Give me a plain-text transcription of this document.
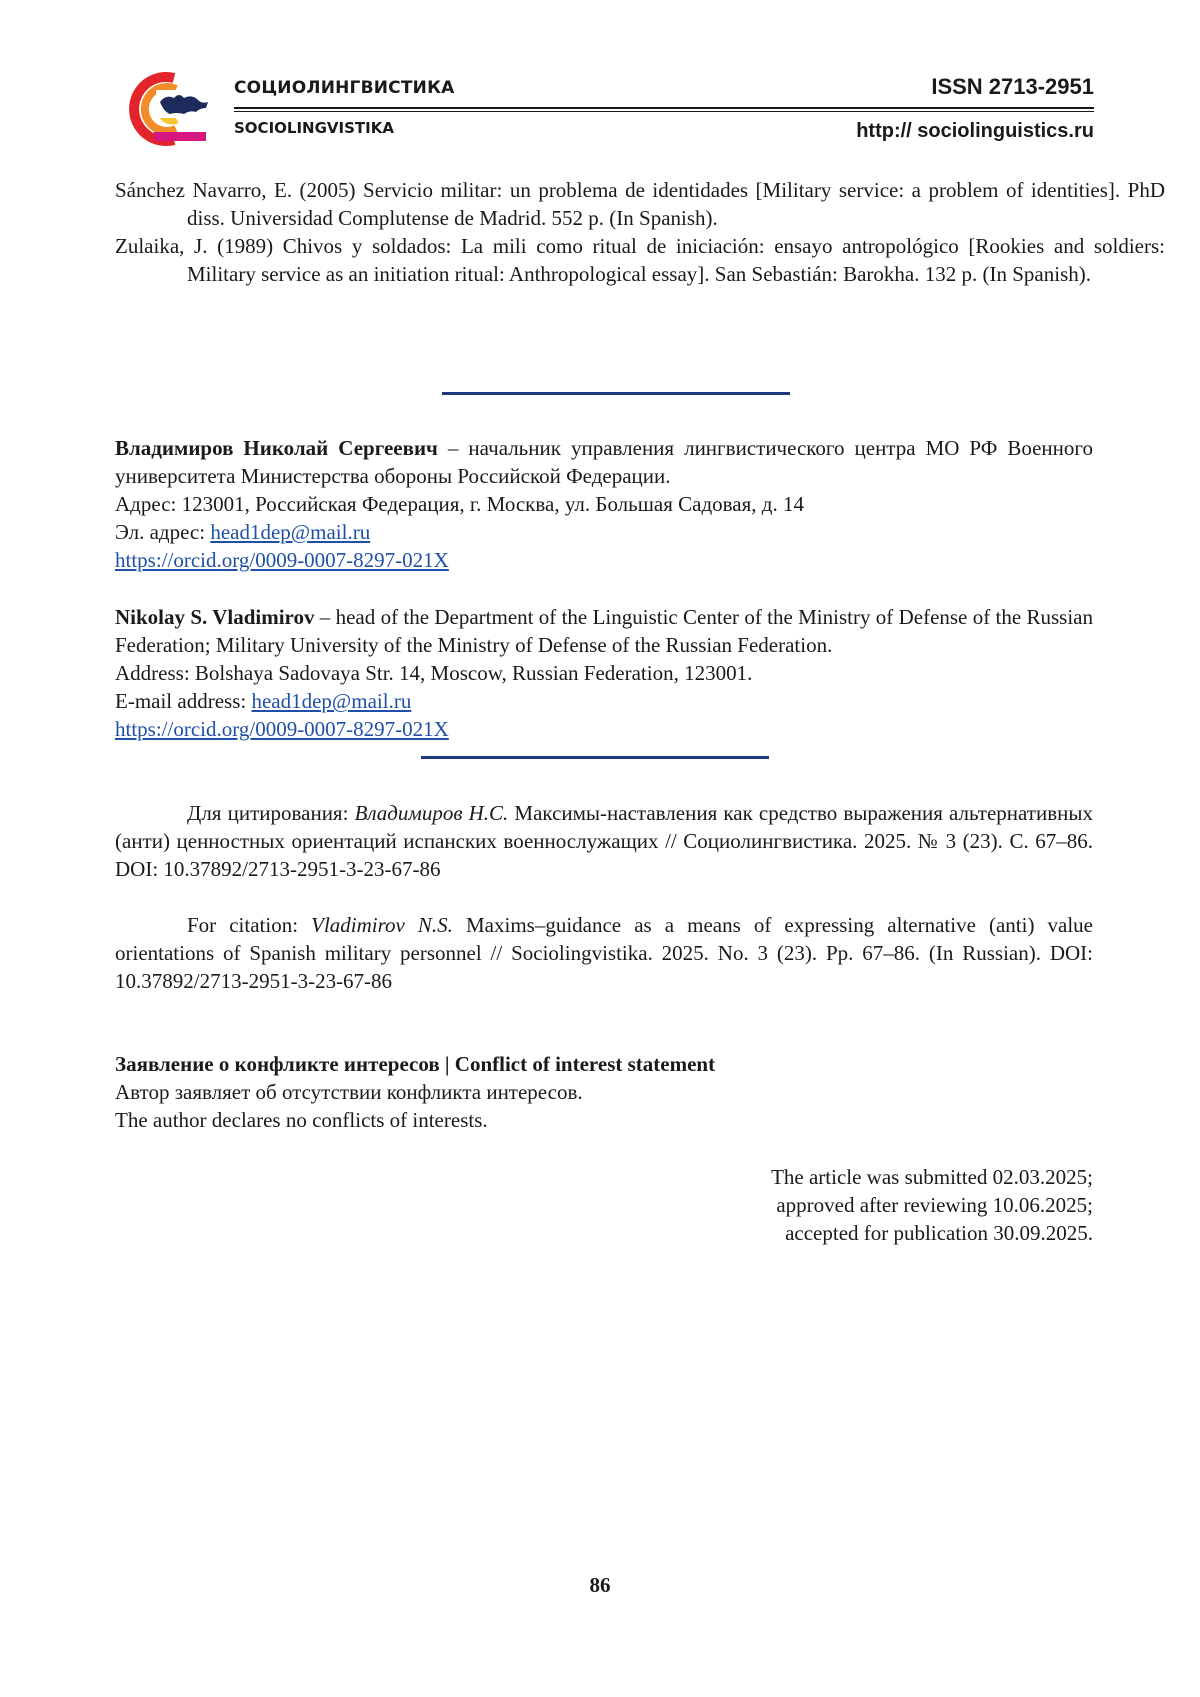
СОЦИОЛИНГВИСТИКА
SOCIOLINGVISTIKA
ISSN 2713-2951
http:// sociolinguistics.ru
Sánchez Navarro, E. (2005) Servicio militar: un problema de identidades [Military service: a problem of identities]. PhD diss. Universidad Complutense de Madrid. 552 p. (In Spanish).
Zulaika, J. (1989) Chivos y soldados: La mili como ritual de iniciación: ensayo antropológico [Rookies and soldiers: Military service as an initiation ritual: Anthropological essay]. San Sebastián: Barokha. 132 p. (In Spanish).
Владимиров Николай Сергеевич – начальник управления лингвистического центра МО РФ Военного университета Министерства обороны Российской Федерации.
Адрес: 123001, Российская Федерация, г. Москва, ул. Большая Садовая, д. 14
Эл. адрес: head1dep@mail.ru
https://orcid.org/0009-0007-8297-021X
Nikolay S. Vladimirov – head of the Department of the Linguistic Center of the Ministry of Defense of the Russian Federation; Military University of the Ministry of Defense of the Russian Federation.
Address: Bolshaya Sadovaya Str. 14, Moscow, Russian Federation, 123001.
E-mail address: head1dep@mail.ru
https://orcid.org/0009-0007-8297-021X
Для цитирования: Владимиров Н.С. Максимы-наставления как средство выражения альтернативных (анти) ценностных ориентаций испанских военнослужащих // Социолингвистика. 2025. № 3 (23). С. 67–86. DOI: 10.37892/2713-2951-3-23-67-86
For citation: Vladimirov N.S. Maxims–guidance as a means of expressing alternative (anti) value orientations of Spanish military personnel // Sociolingvistika. 2025. No. 3 (23). Pp. 67–86. (In Russian). DOI: 10.37892/2713-2951-3-23-67-86
Заявление о конфликте интересов | Conflict of interest statement
Автор заявляет об отсутствии конфликта интересов.
The author declares no conflicts of interests.
The article was submitted 02.03.2025;
approved after reviewing 10.06.2025;
accepted for publication 30.09.2025.
86
